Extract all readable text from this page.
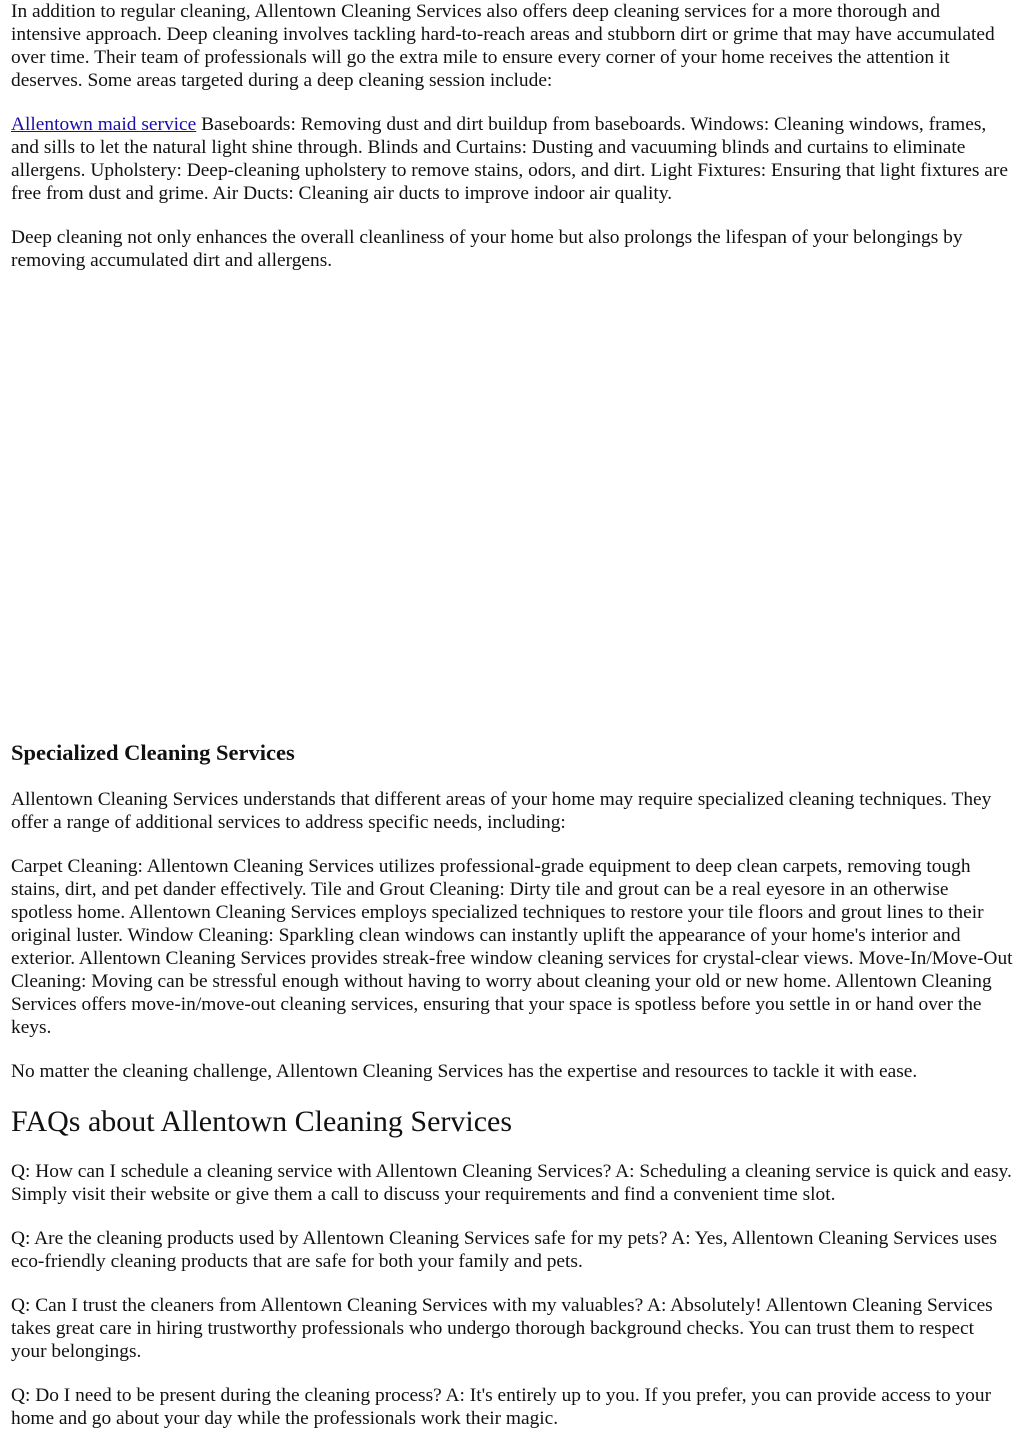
In addition to regular cleaning, Allentown Cleaning Services also offers deep cleaning services for a more thorough and intensive approach. Deep cleaning involves tackling hard-to-reach areas and stubborn dirt or grime that may have accumulated over time. Their team of professionals will go the extra mile to ensure every corner of your home receives the attention it deserves. Some areas targeted during a deep cleaning session include:

Allentown maid service Baseboards: Removing dust and dirt buildup from baseboards. Windows: Cleaning windows, frames, and sills to let the natural light shine through. Blinds and Curtains: Dusting and vacuuming blinds and curtains to eliminate allergens. Upholstery: Deep-cleaning upholstery to remove stains, odors, and dirt. Light Fixtures: Ensuring that light fixtures are free from dust and grime. Air Ducts: Cleaning air ducts to improve indoor air quality.

Deep cleaning not only enhances the overall cleanliness of your home but also prolongs the lifespan of your belongings by removing accumulated dirt and allergens.

Specialized Cleaning Services

Allentown Cleaning Services understands that different areas of your home may require specialized cleaning techniques. They offer a range of additional services to address specific needs, including:

Carpet Cleaning: Allentown Cleaning Services utilizes professional-grade equipment to deep clean carpets, removing tough stains, dirt, and pet dander effectively. Tile and Grout Cleaning: Dirty tile and grout can be a real eyesore in an otherwise spotless home. Allentown Cleaning Services employs specialized techniques to restore your tile floors and grout lines to their original luster. Window Cleaning: Sparkling clean windows can instantly uplift the appearance of your home's interior and exterior. Allentown Cleaning Services provides streak-free window cleaning services for crystal-clear views. Move-In/Move-Out Cleaning: Moving can be stressful enough without having to worry about cleaning your old or new home. Allentown Cleaning Services offers move-in/move-out cleaning services, ensuring that your space is spotless before you settle in or hand over the keys.

No matter the cleaning challenge, Allentown Cleaning Services has the expertise and resources to tackle it with ease.

FAQs about Allentown Cleaning Services

Q: How can I schedule a cleaning service with Allentown Cleaning Services? A: Scheduling a cleaning service is quick and easy. Simply visit their website or give them a call to discuss your requirements and find a convenient time slot.

Q: Are the cleaning products used by Allentown Cleaning Services safe for my pets? A: Yes, Allentown Cleaning Services uses eco-friendly cleaning products that are safe for both your family and pets.

Q: Can I trust the cleaners from Allentown Cleaning Services with my valuables? A: Absolutely! Allentown Cleaning Services takes great care in hiring trustworthy professionals who undergo thorough background checks. You can trust them to respect your belongings.

Q: Do I need to be present during the cleaning process? A: It's entirely up to you. If you prefer, you can provide access to your home and go about your day while the professionals work their magic.
